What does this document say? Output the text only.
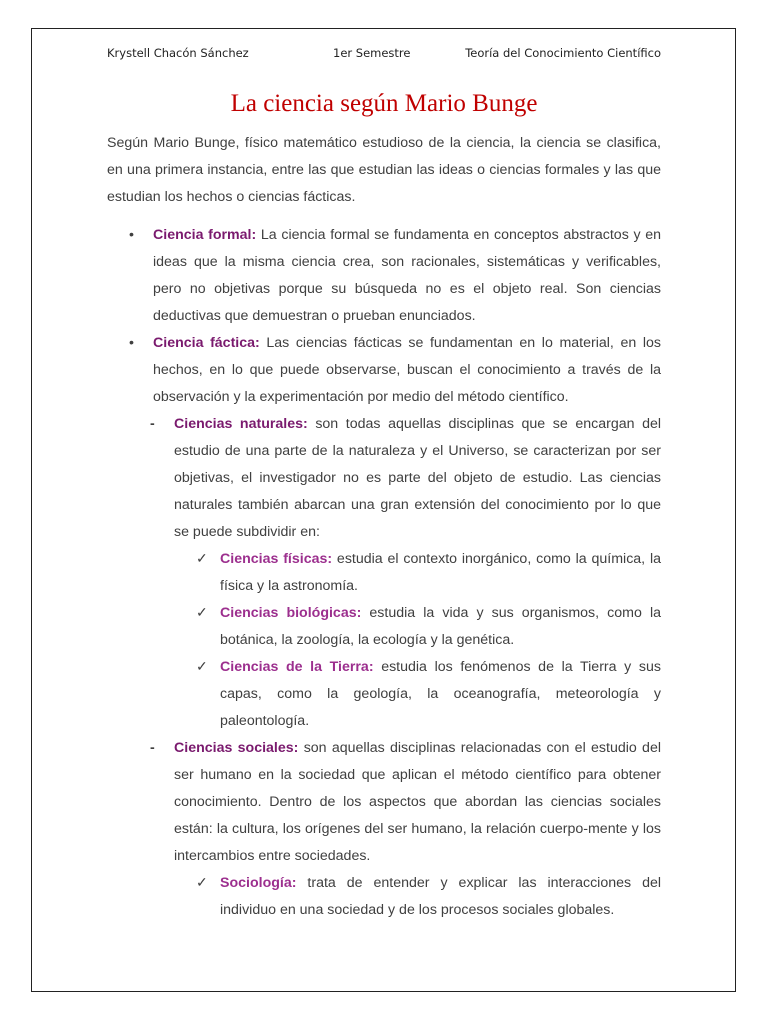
Krystell Chacón Sánchez	1er Semestre	Teoría del Conocimiento Científico
La ciencia según Mario Bunge

Según Mario Bunge, físico matemático estudioso de la ciencia, la ciencia se clasifica, en una primera instancia, entre las que estudian las ideas o ciencias formales y las que estudian los hechos o ciencias fácticas.

• Ciencia formal: La ciencia formal se fundamenta en conceptos abstractos y en ideas que la misma ciencia crea, son racionales, sistemáticas y verificables, pero no objetivas porque su búsqueda no es el objeto real. Son ciencias deductivas que demuestran o prueban enunciados.
• Ciencia fáctica: Las ciencias fácticas se fundamentan en lo material, en los hechos, en lo que puede observarse, buscan el conocimiento a través de la observación y la experimentación por medio del método científico.
- Ciencias naturales: son todas aquellas disciplinas que se encargan del estudio de una parte de la naturaleza y el Universo, se caracterizan por ser objetivas, el investigador no es parte del objeto de estudio. Las ciencias naturales también abarcan una gran extensión del conocimiento por lo que se puede subdividir en:
✓ Ciencias físicas: estudia el contexto inorgánico, como la química, la física y la astronomía.
✓ Ciencias biológicas: estudia la vida y sus organismos, como la botánica, la zoología, la ecología y la genética.
✓ Ciencias de la Tierra: estudia los fenómenos de la Tierra y sus capas, como la geología, la oceanografía, meteorología y paleontología.
- Ciencias sociales: son aquellas disciplinas relacionadas con el estudio del ser humano en la sociedad que aplican el método científico para obtener conocimiento. Dentro de los aspectos que abordan las ciencias sociales están: la cultura, los orígenes del ser humano, la relación cuerpo-mente y los intercambios entre sociedades.
✓ Sociología: trata de entender y explicar las interacciones del individuo en una sociedad y de los procesos sociales globales.
